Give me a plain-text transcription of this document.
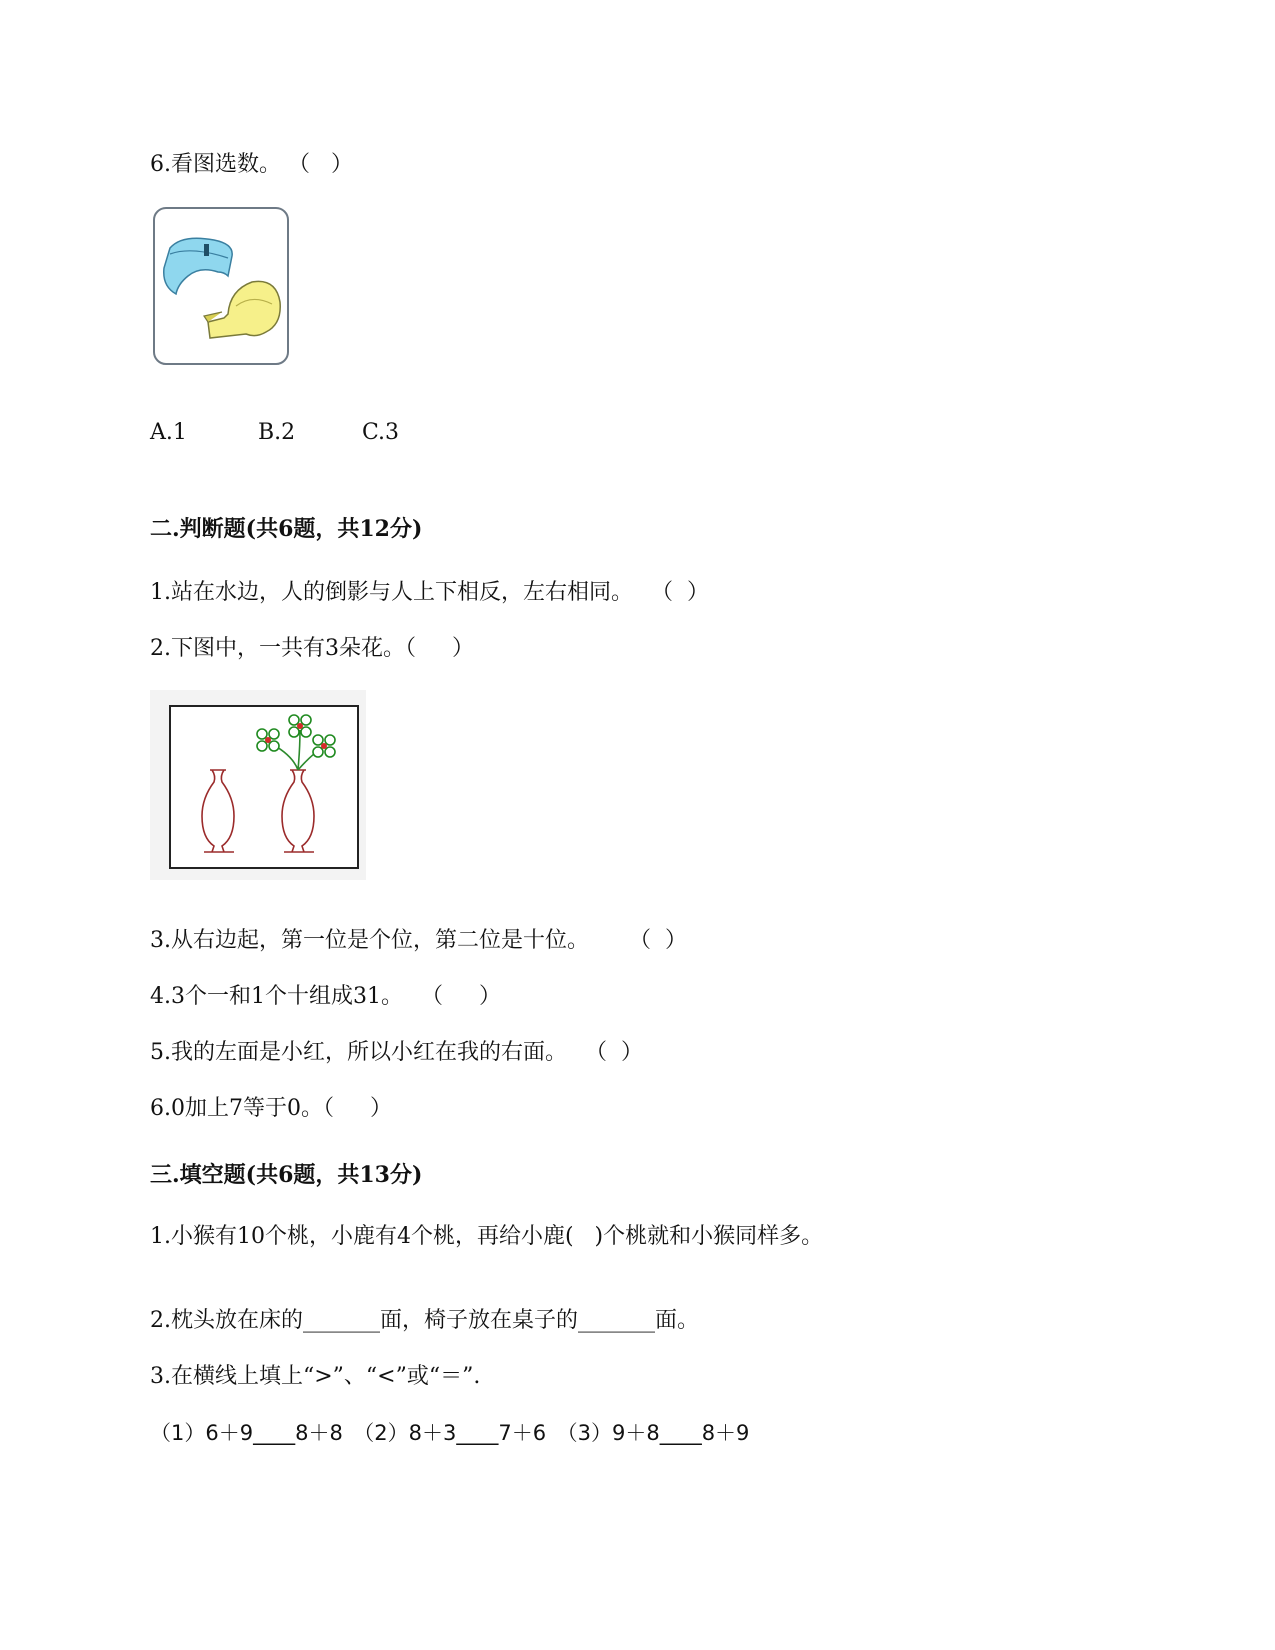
6.看图选数。 （   ）
A.1	B.2	C.3
二.判断题(共6题，共12分)
1.站在水边，人的倒影与人上下相反，左右相同。　 （  ）
2.下图中，一共有3朵花。（　  ）
3.从右边起，第一位是个位，第二位是十位。　　 （  ）
4.3个一和1个十组成31。　 （　  ）
5.我的左面是小红，所以小红在我的右面。　 （  ）
6.0加上7等于0。（　  ）
三.填空题(共6题，共13分)
1.小猴有10个桃，小鹿有4个桃，再给小鹿(   )个桃就和小猴同样多。
2.枕头放在床的_______面，椅子放在桌子的_______面。
3.在横线上填上“>”、“<”或“＝”.
（1）6＋9____8＋8　（2）8＋3____7＋6　（3）9＋8____8＋9
